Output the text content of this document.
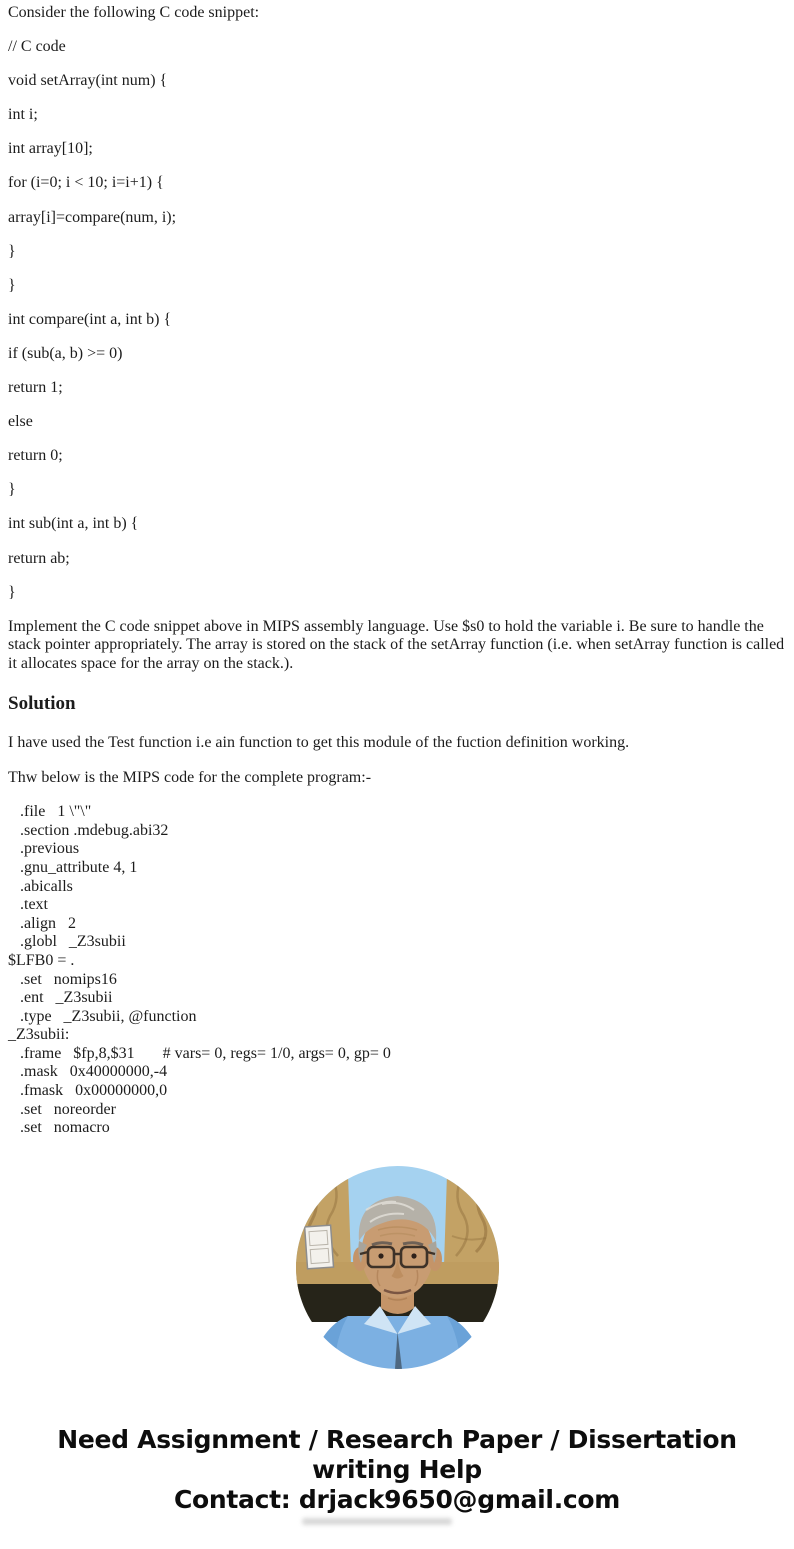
Consider the following C code snippet:

// C code

void setArray(int num) {

int i;

int array[10];

for (i=0; i < 10; i=i+1) {

array[i]=compare(num, i);

}

}

int compare(int a, int b) {

if (sub(a, b) >= 0)

return 1;

else

return 0;

}

int sub(int a, int b) {

return ab;

}

Implement the C code snippet above in MIPS assembly language. Use $s0 to hold the variable i. Be sure to handle the stack pointer appropriately. The array is stored on the stack of the setArray function (i.e. when setArray function is called it allocates space for the array on the stack.).

Solution

I have used the Test function i.e ain function to get this module of the fuction definition working.

Thw below is the MIPS code for the complete program:-

.file   1 \"\"
.section .mdebug.abi32
.previous
.gnu_attribute 4, 1
.abicalls
.text
.align   2
.globl   _Z3subii
$LFB0 = .
.set   nomips16
.ent   _Z3subii
.type   _Z3subii, @function
_Z3subii:
.frame   $fp,8,$31       # vars= 0, regs= 1/0, args= 0, gp= 0
.mask   0x40000000,-4
.fmask   0x00000000,0
.set   noreorder
.set   nomacro
Need Assignment / Research Paper / Dissertation
writing Help
Contact: drjack9650@gmail.com
